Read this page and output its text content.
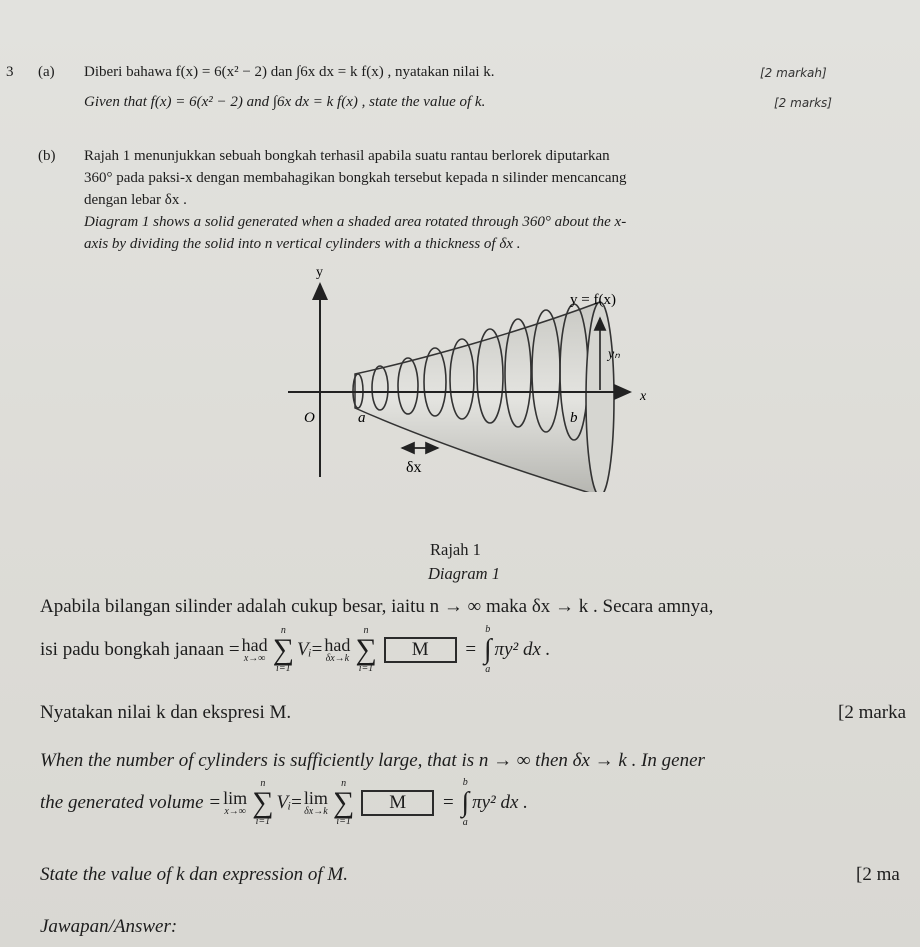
3 (a) Diberi bahawa f(x) = 6(x² − 2) dan ∫6x dx = k f(x) , nyatakan nilai k.	[2 markah]
Given that f(x) = 6(x² − 2) and ∫6x dx = k f(x) , state the value of k.	[2 marks]
(b) Rajah 1 menunjukkan sebuah bongkah terhasil apabila suatu rantau berlorek diputarkan
360° pada paksi-x dengan membahagikan bongkah tersebut kepada n silinder mencancang
dengan lebar δx .
Diagram 1 shows a solid generated when a shaded area rotated through 360° about the x-
axis by dividing the solid into n vertical cylinders with a thickness of δx .
y
x
y = f(x)
O	a	b
yₙ
δx
Rajah 1
Diagram 1
Apabila bilangan silinder adalah cukup besar, iaitu n → ∞ maka δx → k . Secara amnya,
isi padu bongkah janaan = had
x→∞
n
∑
i=1
Vᵢ = had
δx→k
n
∑
i=1
M	=
b
∫
a
πy² dx .
Nyatakan nilai k dan ekspresi M.	[2 marka
When the number of cylinders is sufficiently large, that is n → ∞ then δx → k . In gener
the generated volume = lim
x→∞
n
∑
i=1
Vᵢ = lim
δx→k
n
∑
i=1
M	=
b
∫
a
πy² dx .
State the value of k dan expression of M.	[2 ma
Jawapan/Answer:
